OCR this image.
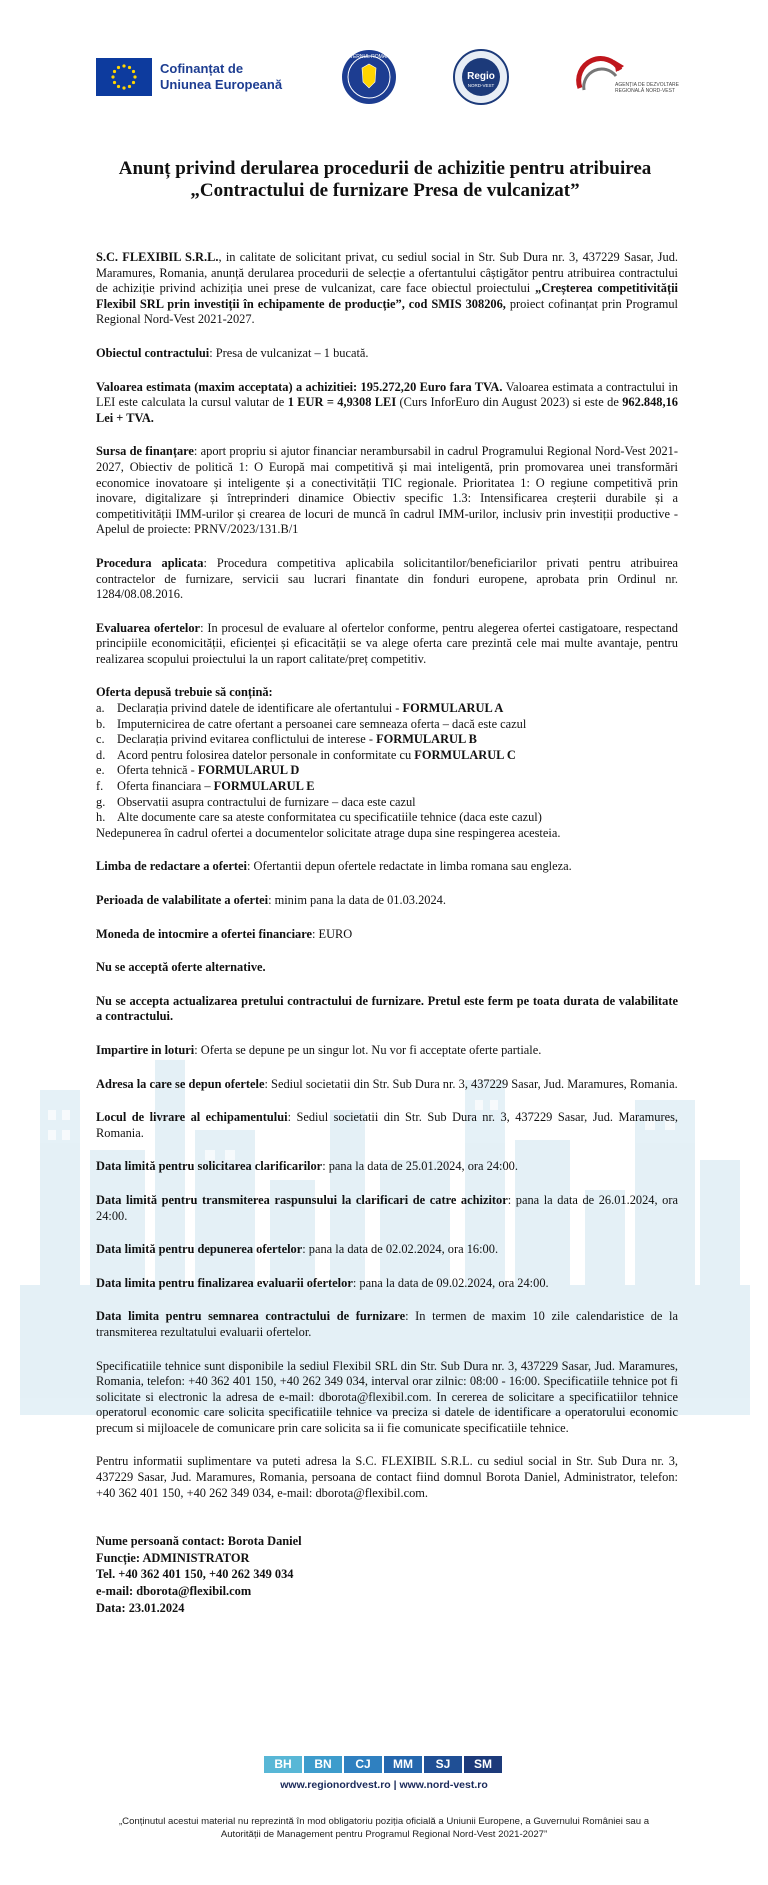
Cofinanțat de
Uniunea Europeană
GUVERNUL ROMÂNIEI
Regio
NORD-VEST	AGENȚIA DE DEZVOLTARE REGIONALĂ NORD-VEST
Anunț privind derularea procedurii de achizitie pentru atribuirea
„Contractului de furnizare Presa de vulcanizat”

S.C. FLEXIBIL S.R.L., in calitate de solicitant privat, cu sediul social in Str. Sub Dura nr. 3, 437229 Sasar, Jud. Maramures, Romania, anunță derularea procedurii de selecție a ofertantului câștigător pentru atribuirea contractului de achiziție privind achiziția unei prese de vulcanizat, care face obiectul proiectului „Creșterea competitivității Flexibil SRL prin investiții în echipamente de producție”, cod SMIS 308206, proiect cofinanțat prin Programul Regional Nord-Vest 2021-2027.

Obiectul contractului: Presa de vulcanizat – 1 bucată.

Valoarea estimata (maxim acceptata) a achizitiei: 195.272,20 Euro fara TVA. Valoarea estimata a contractului in LEI este calculata la cursul valutar de 1 EUR = 4,9308 LEI (Curs InforEuro din August 2023) si este de 962.848,16 Lei + TVA.

Sursa de finanțare: aport propriu si ajutor financiar nerambursabil in cadrul Programului Regional Nord-Vest 2021-2027, Obiectiv de politică 1: O Europă mai competitivă și mai inteligentă, prin promovarea unei transformări economice inovatoare și inteligente și a conectivității TIC regionale. Prioritatea 1: O regiune competitivă prin inovare, digitalizare și întreprinderi dinamice Obiectiv specific 1.3: Intensificarea creșterii durabile și a competitivității IMM-urilor și crearea de locuri de muncă în cadrul IMM-urilor, inclusiv prin investiții productive - Apelul de proiecte: PRNV/2023/131.B/1

Procedura aplicata: Procedura competitiva aplicabila solicitantilor/beneficiarilor privati pentru atribuirea contractelor de furnizare, servicii sau lucrari finantate din fonduri europene, aprobata prin Ordinul nr. 1284/08.08.2016.

Evaluarea ofertelor: In procesul de evaluare al ofertelor conforme, pentru alegerea ofertei castigatoare, respectand principiile economicității, eficienței și eficacității se va alege oferta care prezintă cele mai multe avantaje, pentru realizarea scopului proiectului la un raport calitate/preț competitiv.

Oferta depusă trebuie să conțină:
a. Declarația privind datele de identificare ale ofertantului - FORMULARUL A
b. Imputernicirea de catre ofertant a persoanei care semneaza oferta – dacă este cazul
c. Declarația privind evitarea conflictului de interese - FORMULARUL B
d. Acord pentru folosirea datelor personale in conformitate cu FORMULARUL C
e. Oferta tehnică - FORMULARUL D
f.	Oferta financiara – FORMULARUL E
g. Observatii asupra contractului de furnizare – daca este cazul
h. Alte documente care sa ateste conformitatea cu specificatiile tehnice (daca este cazul)
Nedepunerea în cadrul ofertei a documentelor solicitate atrage dupa sine respingerea acesteia.

Limba de redactare a ofertei: Ofertantii depun ofertele redactate in limba romana sau engleza.

Perioada de valabilitate a ofertei: minim pana la data de 01.03.2024.

Moneda de intocmire a ofertei financiare: EURO

Nu se acceptă oferte alternative.

Nu se accepta actualizarea pretului contractului de furnizare. Pretul este ferm pe toata durata de valabilitate a contractului.

Impartire in loturi: Oferta se depune pe un singur lot. Nu vor fi acceptate oferte partiale.

Adresa la care se depun ofertele: Sediul societatii din Str. Sub Dura nr. 3, 437229 Sasar, Jud. Maramures, Romania.

Locul de livrare al echipamentului: Sediul societatii din Str. Sub Dura nr. 3, 437229 Sasar, Jud. Maramures, Romania.

Data limită pentru solicitarea clarificarilor: pana la data de 25.01.2024, ora 24:00.

Data limită pentru transmiterea raspunsului la clarificari de catre achizitor: pana la data de 26.01.2024, ora 24:00.

Data limită pentru depunerea ofertelor: pana la data de 02.02.2024, ora 16:00.

Data limita pentru finalizarea evaluarii ofertelor: pana la data de 09.02.2024, ora 24:00.

Data limita pentru semnarea contractului de furnizare: In termen de maxim 10 zile calendaristice de la transmiterea rezultatului evaluarii ofertelor.

Specificatiile tehnice sunt disponibile la sediul Flexibil SRL din Str. Sub Dura nr. 3, 437229 Sasar, Jud. Maramures, Romania, telefon: +40 362 401 150, +40 262 349 034, interval orar zilnic: 08:00 - 16:00. Specificatiile tehnice pot fi solicitate si electronic la adresa de e-mail: dborota@flexibil.com. In cererea de solicitare a specificatiilor tehnice operatorul economic care solicita specificatiile tehnice va preciza si datele de identificare a operatorului economic precum si mijloacele de comunicare prin care solicita sa ii fie comunicate specificatiile tehnice.

Pentru informatii suplimentare va puteti adresa la S.C. FLEXIBIL S.R.L. cu sediul social in Str. Sub Dura nr. 3, 437229 Sasar, Jud. Maramures, Romania, persoana de contact fiind domnul Borota Daniel, Administrator, telefon: +40 362 401 150, +40 262 349 034, e-mail: dborota@flexibil.com.

Nume persoană contact: Borota Daniel
Funcție: ADMINISTRATOR
Tel. +40 362 401 150, +40 262 349 034
e-mail: dborota@flexibil.com
Data: 23.01.2024
BH	BN	CJ	MM	SJ	SM
www.regionordvest.ro | www.nord-vest.ro
„Conținutul acestui material nu reprezintă în mod obligatoriu poziția oficială a Uniunii Europene, a Guvernului României sau a Autorității de Management pentru Programul Regional Nord-Vest 2021-2027”
